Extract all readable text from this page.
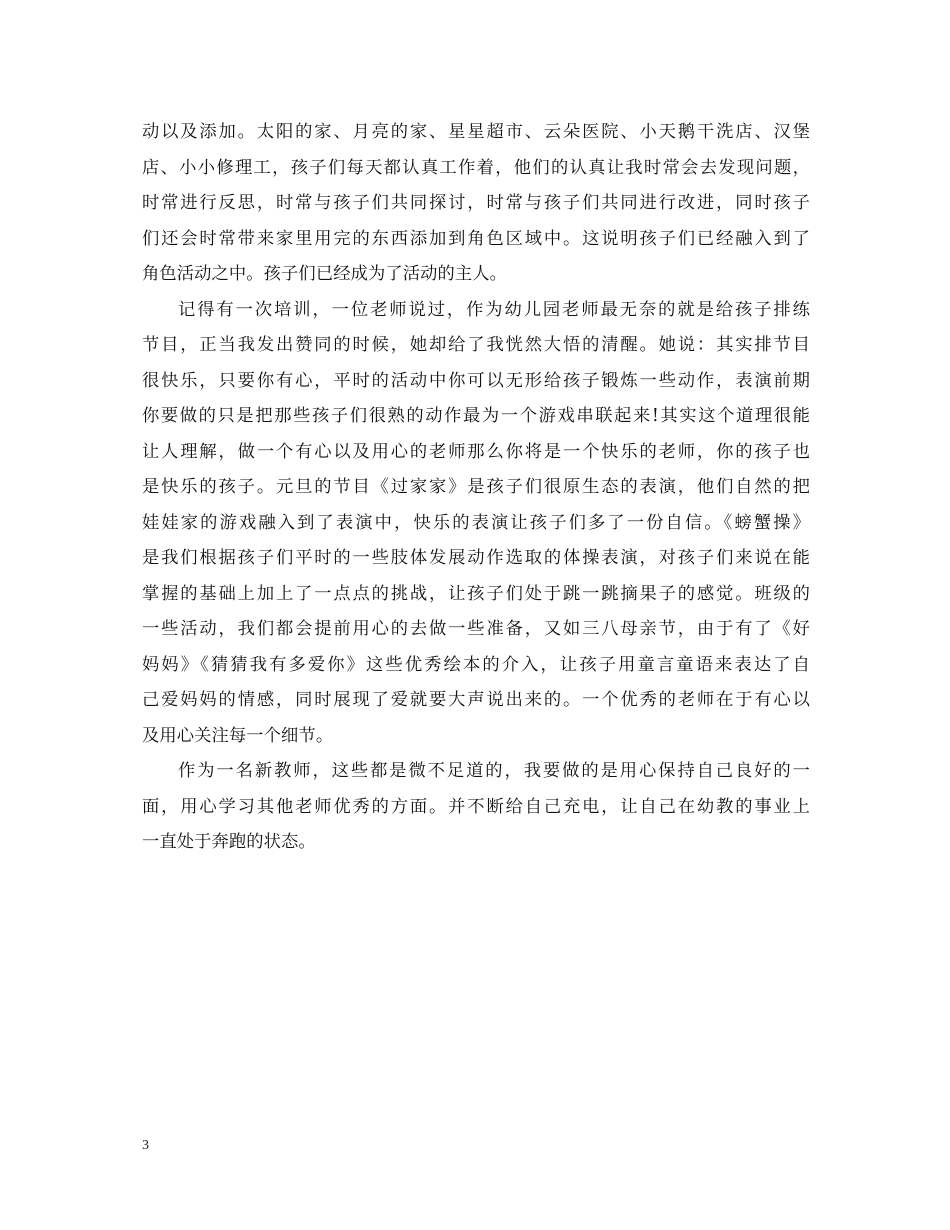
动以及添加。太阳的家、月亮的家、星星超市、云朵医院、小天鹅干洗店、汉堡
店、小小修理工，孩子们每天都认真工作着，他们的认真让我时常会去发现问题，
时常进行反思，时常与孩子们共同探讨，时常与孩子们共同进行改进，同时孩子
们还会时常带来家里用完的东西添加到角色区域中。这说明孩子们已经融入到了
角色活动之中。孩子们已经成为了活动的主人。
记得有一次培训，一位老师说过，作为幼儿园老师最无奈的就是给孩子排练
节目，正当我发出赞同的时候，她却给了我恍然大悟的清醒。她说：其实排节目
很快乐，只要你有心，平时的活动中你可以无形给孩子锻炼一些动作，表演前期
你要做的只是把那些孩子们很熟的动作最为一个游戏串联起来!其实这个道理很能
让人理解，做一个有心以及用心的老师那么你将是一个快乐的老师，你的孩子也
是快乐的孩子。元旦的节目《过家家》是孩子们很原生态的表演，他们自然的把
娃娃家的游戏融入到了表演中，快乐的表演让孩子们多了一份自信。《螃蟹操》
是我们根据孩子们平时的一些肢体发展动作选取的体操表演，对孩子们来说在能
掌握的基础上加上了一点点的挑战，让孩子们处于跳一跳摘果子的感觉。班级的
一些活动，我们都会提前用心的去做一些准备，又如三八母亲节，由于有了《好
妈妈》《猜猜我有多爱你》这些优秀绘本的介入，让孩子用童言童语来表达了自
己爱妈妈的情感，同时展现了爱就要大声说出来的。一个优秀的老师在于有心以
及用心关注每一个细节。
作为一名新教师，这些都是微不足道的，我要做的是用心保持自己良好的一
面，用心学习其他老师优秀的方面。并不断给自己充电，让自己在幼教的事业上
一直处于奔跑的状态。
3
